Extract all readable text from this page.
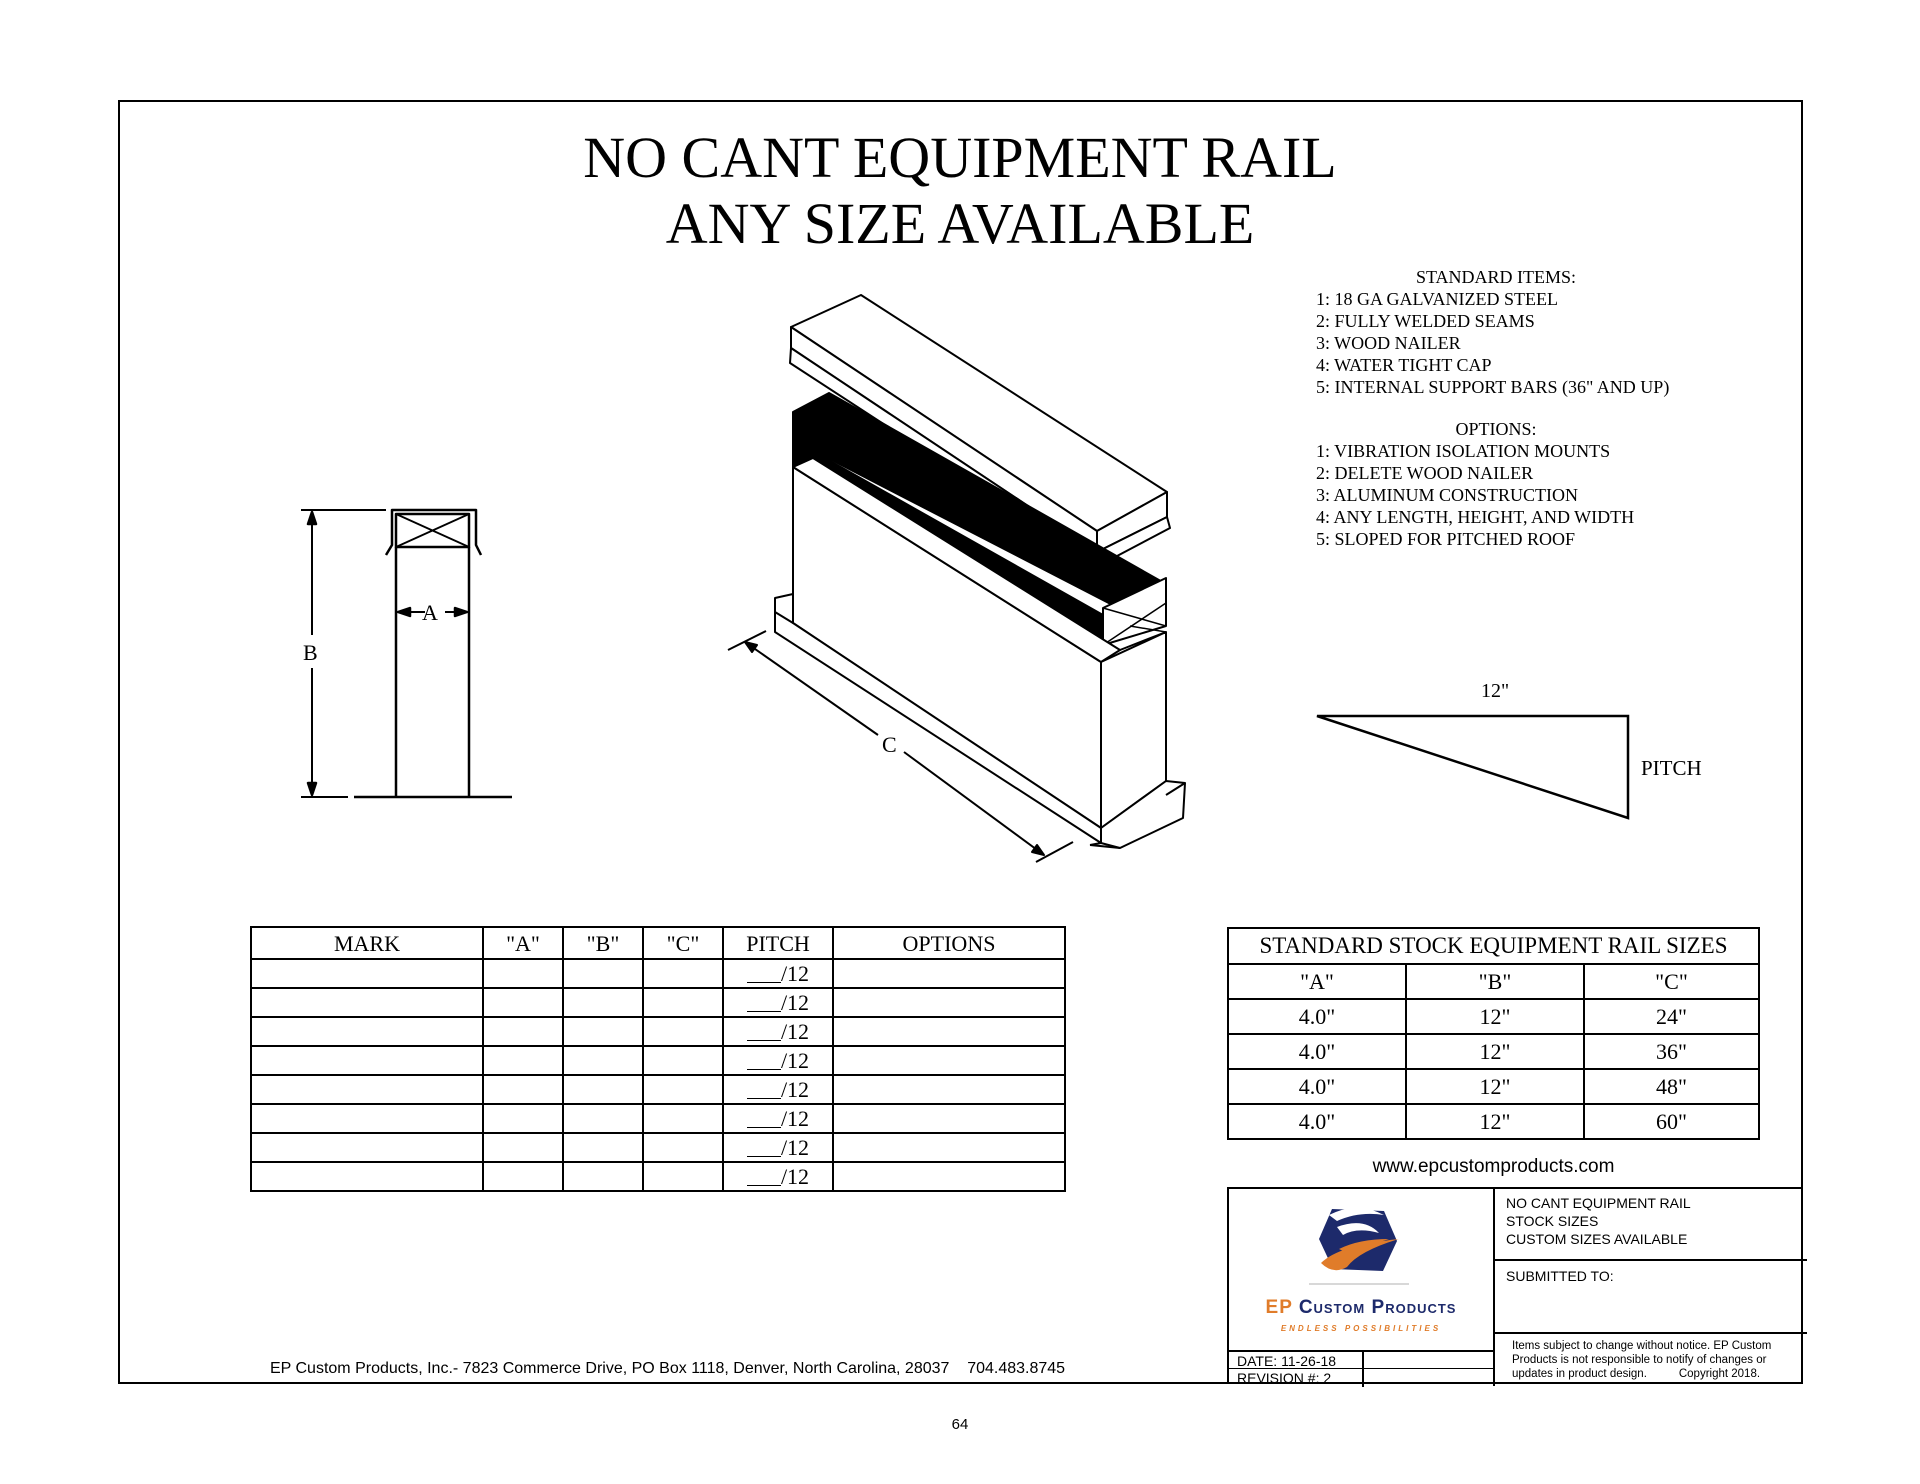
NO CANT EQUIPMENT RAIL
ANY SIZE AVAILABLE
STANDARD ITEMS:
1: 18 GA GALVANIZED STEEL
2: FULLY WELDED SEAMS
3: WOOD NAILER
4: WATER TIGHT CAP
5: INTERNAL SUPPORT BARS (36" AND UP)
OPTIONS:
1: VIBRATION ISOLATION MOUNTS
2: DELETE WOOD NAILER
3: ALUMINUM CONSTRUCTION
4: ANY LENGTH, HEIGHT, AND WIDTH
5: SLOPED FOR PITCHED ROOF
A
B
C
12"
PITCH
MARK	"A"	"B"	"C"	PITCH	OPTIONS
				/12	
				/12	
				/12	
				/12	
				/12	
				/12	
				/12	
				/12	
STANDARD STOCK EQUIPMENT RAIL SIZES		
"A"	"B"	"C"
4.0"	12"	24"
4.0"	12"	36"
4.0"	12"	48"
4.0"	12"	60"
www.epcustomproducts.com
EP Custom Products
ENDLESS POSSIBILITIES
DATE: 11-26-18
REVISION #: 2
NO CANT EQUIPMENT RAIL
STOCK SIZES
CUSTOM SIZES AVAILABLE
SUBMITTED TO:
Items subject to change without notice. EP Custom
Products is not responsible to notify of changes or
updates in product design.          Copyright 2018.
EP Custom Products, Inc.- 7823 Commerce Drive, PO Box 1118, Denver, North Carolina, 28037    704.483.8745
64
